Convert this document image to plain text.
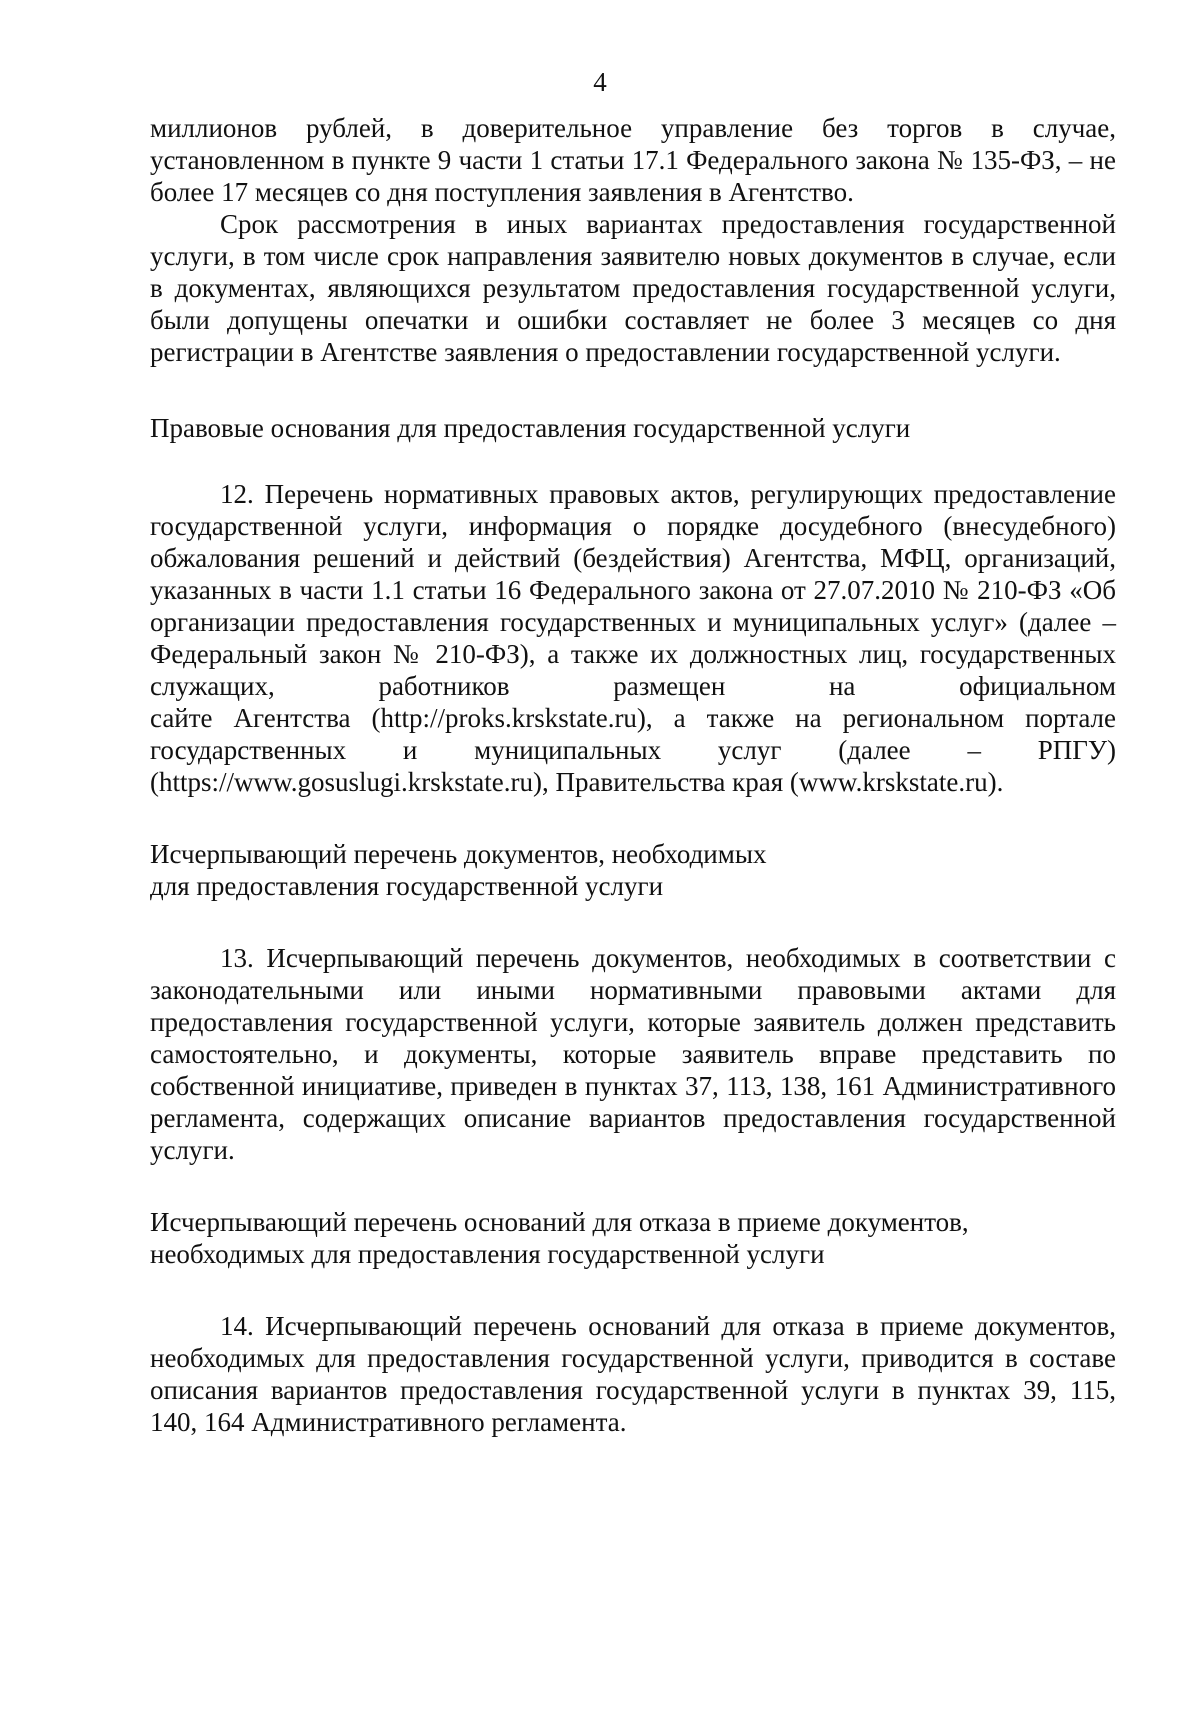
4

миллионов рублей, в доверительное управление без торгов в случае, установленном в пункте 9 части 1 статьи 17.1 Федерального закона № 135-ФЗ, – не более 17 месяцев со дня поступления заявления в Агентство.

Срок рассмотрения в иных вариантах предоставления государственной услуги, в том числе срок направления заявителю новых документов в случае, если в документах, являющихся результатом предоставления государственной услуги, были допущены опечатки и ошибки составляет не более 3 месяцев со дня регистрации в Агентстве заявления о предоставлении государственной услуги.

Правовые основания для предоставления государственной услуги

12. Перечень нормативных правовых актов, регулирующих предоставление государственной услуги, информация о порядке досудебного (внесудебного) обжалования решений и действий (бездействия) Агентства, МФЦ, организаций, указанных в части 1.1 статьи 16 Федерального закона от 27.07.2010 № 210-ФЗ «Об организации предоставления государственных и муниципальных услуг» (далее – Федеральный закон № 210-ФЗ), а также их должностных лиц, государственных служащих, работников размещен на официальном

сайте Агентства (http://proks.krskstate.ru), а также на региональном портале государственных и муниципальных услуг (далее – РПГУ) (https://www.gosuslugi.krskstate.ru), Правительства края (www.krskstate.ru).

Исчерпывающий перечень документов, необходимых

для предоставления государственной услуги

13. Исчерпывающий перечень документов, необходимых в соответствии с законодательными или иными нормативными правовыми актами для предоставления государственной услуги, которые заявитель должен представить самостоятельно, и документы, которые заявитель вправе представить по собственной инициативе, приведен в пунктах 37, 113, 138, 161 Административного регламента, содержащих описание вариантов предоставления государственной услуги.

Исчерпывающий перечень оснований для отказа в приеме документов,

необходимых для предоставления государственной услуги

14. Исчерпывающий перечень оснований для отказа в приеме документов, необходимых для предоставления государственной услуги, приводится в составе описания вариантов предоставления государственной услуги в пунктах 39, 115, 140, 164 Административного регламента.
